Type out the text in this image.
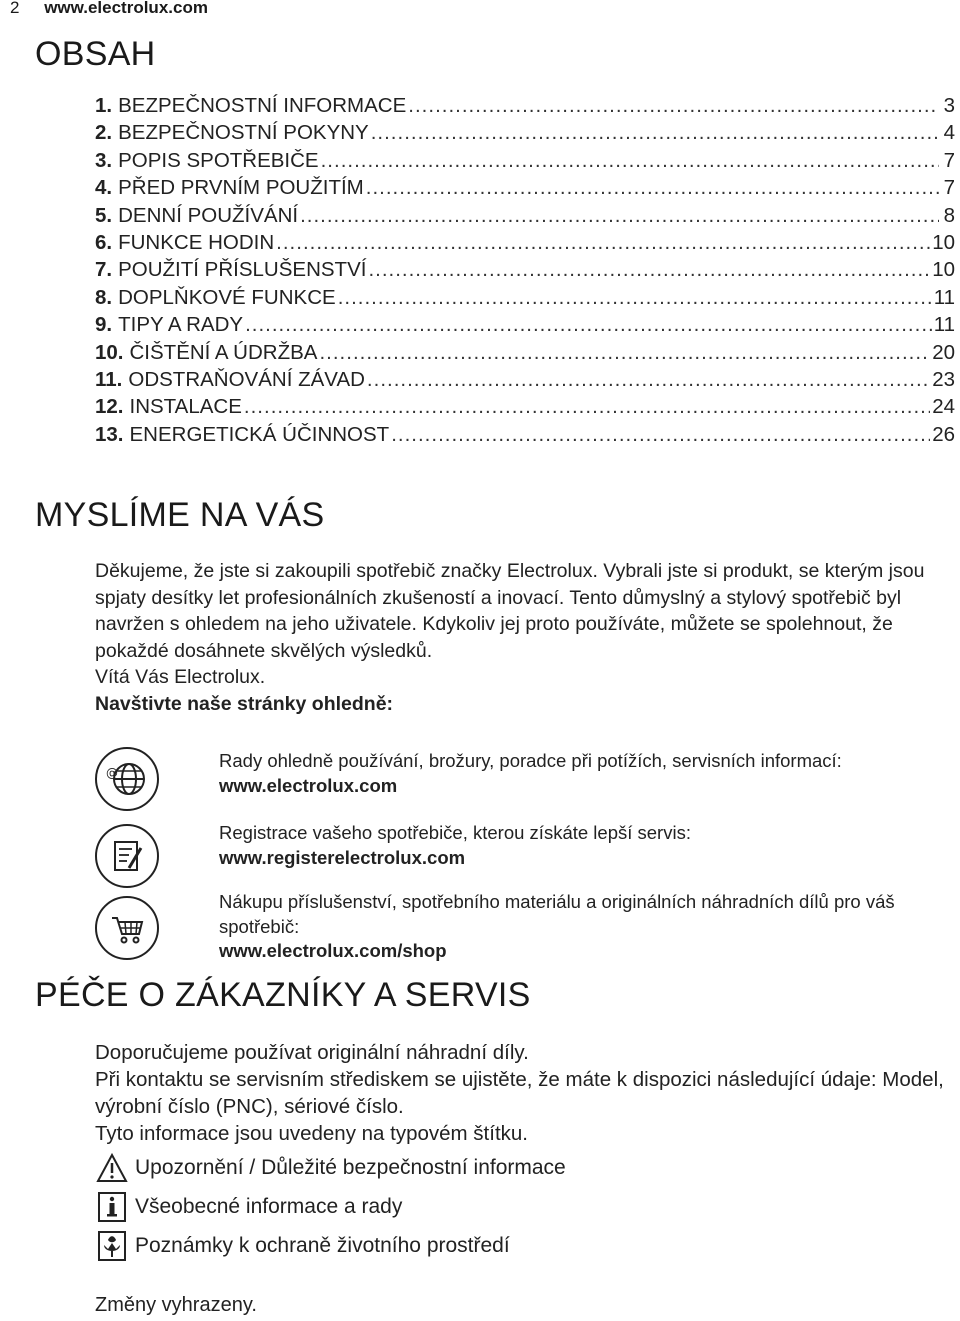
2 www.electrolux.com
OBSAH
1. BEZPEČNOSTNÍ INFORMACE .....	3
2. BEZPEČNOSTNÍ POKYNY .....	4
3. POPIS SPOTŘEBIČE .....	7
4. PŘED PRVNÍM POUŽITÍM .....	7
5. DENNÍ POUŽÍVÁNÍ .....	8
6. FUNKCE HODIN .....	10
7. POUŽITÍ PŘÍSLUŠENSTVÍ .....	10
8. DOPLŇKOVÉ FUNKCE .....	11
9. TIPY A RADY .....	11
10. ČIŠTĚNÍ A ÚDRŽBA .....	20
11. ODSTRAŇOVÁNÍ ZÁVAD .....	23
12. INSTALACE .....	24
13. ENERGETICKÁ ÚČINNOST .....	26
MYSLÍME NA VÁS

Děkujeme, že jste si zakoupili spotřebič značky Electrolux. Vybrali jste si produkt, se kterým jsou spjaty desítky let profesionálních zkušeností a inovací. Tento důmyslný a stylový spotřebič byl navržen s ohledem na jeho uživatele. Kdykoliv jej proto používáte, můžete se spolehnout, že pokaždé dosáhnete skvělých výsledků.

Vítá Vás Electrolux.

Navštivte naše stránky ohledně:

@
Rady ohledně používání, brožury, poradce při potížích, servisních informací:
www.electrolux.com
Registrace vašeho spotřebiče, kterou získáte lepší servis:
www.registerelectrolux.com
Nákupu příslušenství, spotřebního materiálu a originálních náhradních dílů pro váš spotřebič:
www.electrolux.com/shop
PÉČE O ZÁKAZNÍKY A SERVIS

Doporučujeme používat originální náhradní díly.

Při kontaktu se servisním střediskem se ujistěte, že máte k dispozici následující údaje: Model, výrobní číslo (PNC), sériové číslo.

Tyto informace jsou uvedeny na typovém štítku.

Upozornění / Důležité bezpečnostní informace
Všeobecné informace a rady
Poznámky k ochraně životního prostředí
Změny vyhrazeny.
